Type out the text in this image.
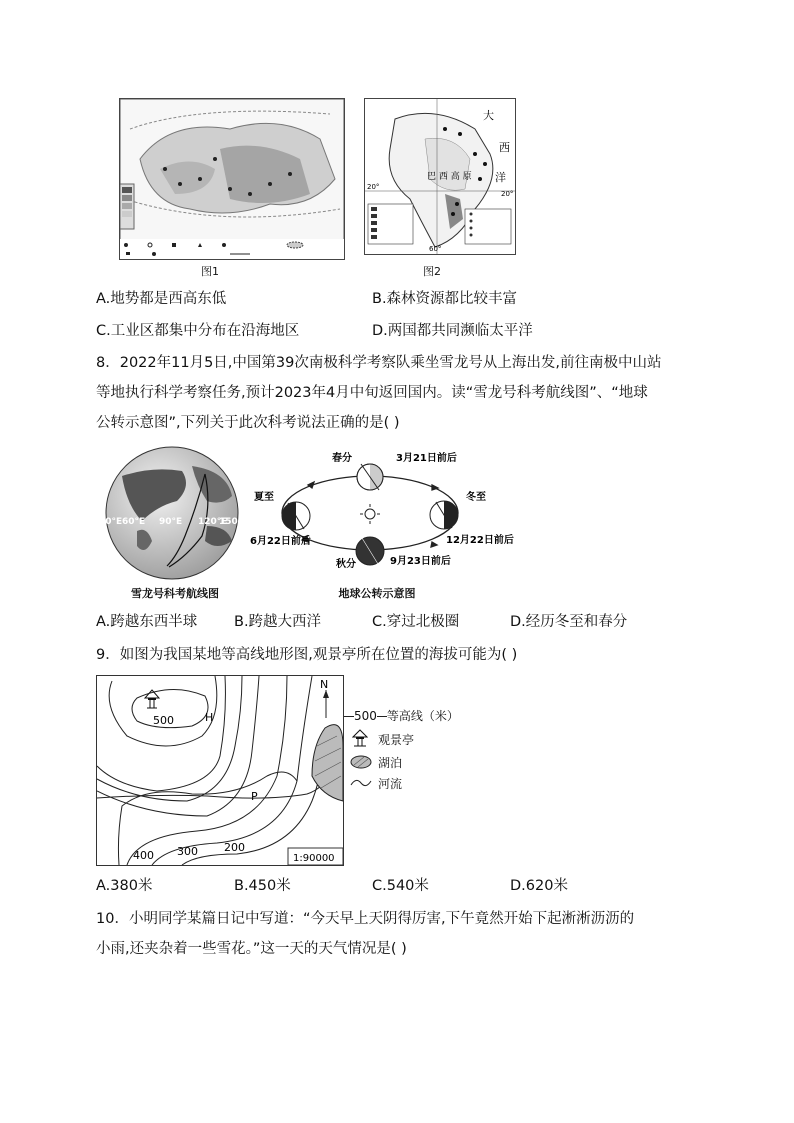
图1
大
西
洋
巴 西 高 原
20°
20°
60°
图2
A.地势都是西高东低	B.森林资源都比较丰富
C.工业区都集中分布在沿海地区	D.两国都共同濒临太平洋
8．2022年11月5日,中国第39次南极科学考察队乘坐雪龙号从上海出发,前往南极中山站
等地执行科学考察任务,预计2023年4月中旬返回国内。读“雪龙号科考航线图”、“地球
公转示意图”,下列关于此次科考说法正确的是( )
30°E 60°E 90°E 120°E
150°E
雪龙号科考航线图
春分	3月21日前后
夏至
6月22日前后
冬至
12月22日前后
秋分	9月23日前后
地球公转示意图
A.跨越东西半球	B.跨越大西洋	C.穿过北极圈	D.经历冬至和春分
9．如图为我国某地等高线地形图,观景亭所在位置的海拔可能为( )
500	H
P
400 300 200
N
1:90000
500 等高线（米）
观景亭
湖泊
河流
A.380米	B.450米	C.540米	D.620米
10．小明同学某篇日记中写道：“今天早上天阴得厉害,下午竟然开始下起淅淅沥沥的
小雨,还夹杂着一些雪花。”这一天的天气情况是( )
